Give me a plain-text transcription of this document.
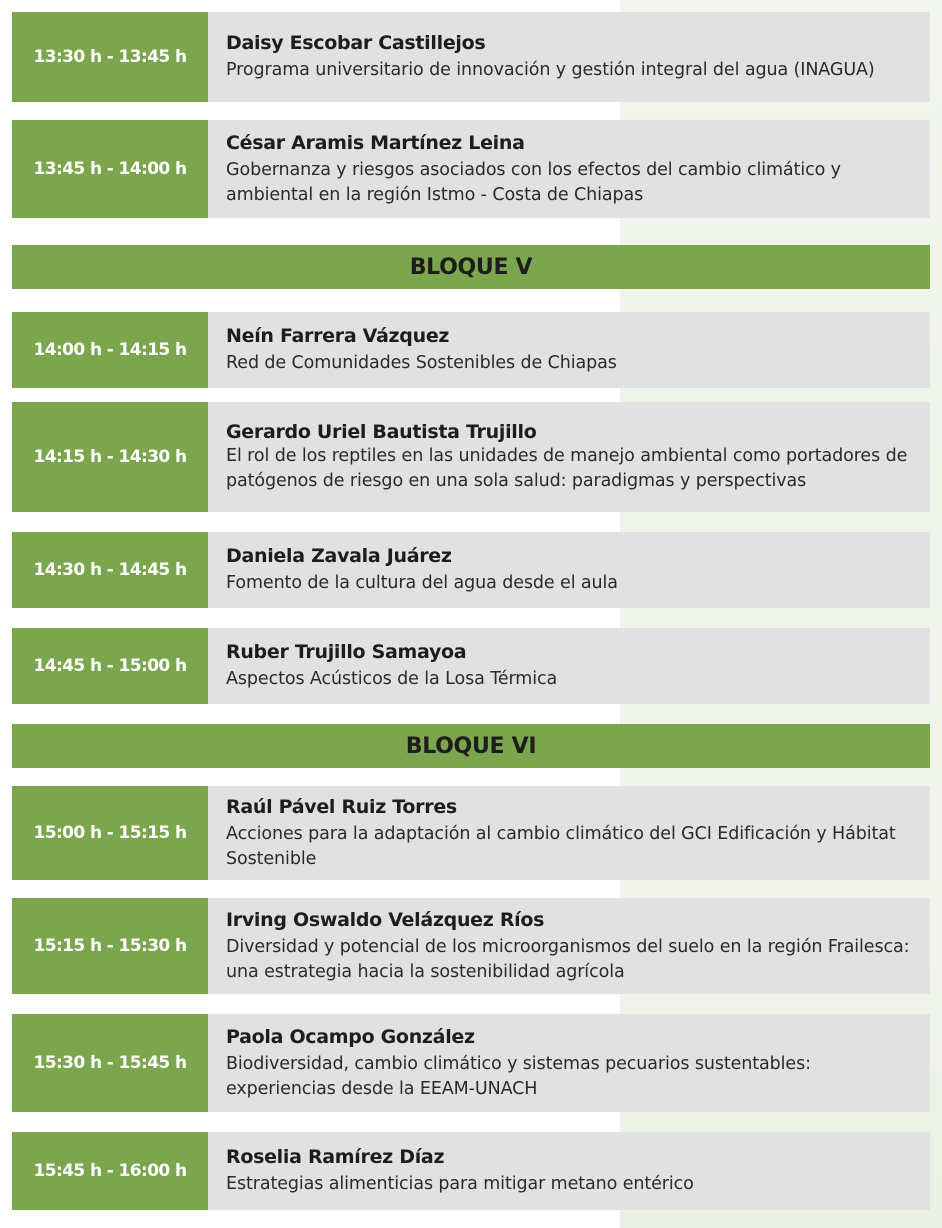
13:30 h - 13:45 h
Daisy Escobar Castillejos
Programa universitario de innovación y gestión integral del agua (INAGUA)
13:45 h - 14:00 h
César Aramis Martínez Leina
Gobernanza y riesgos asociados con los efectos del cambio climático y ambiental en la región Istmo - Costa de Chiapas
BLOQUE V
14:00 h - 14:15 h
Neín Farrera Vázquez
Red de Comunidades Sostenibles de Chiapas
14:15 h - 14:30 h
Gerardo Uriel Bautista Trujillo
El rol de los reptiles en las unidades de manejo ambiental como portadores de patógenos de riesgo en una sola salud: paradigmas y perspectivas
14:30 h - 14:45 h
Daniela Zavala Juárez
Fomento de la cultura del agua desde el aula
14:45 h - 15:00 h
Ruber Trujillo Samayoa
Aspectos Acústicos de la Losa Térmica
BLOQUE VI
15:00 h - 15:15 h
Raúl Pável Ruiz Torres
Acciones para la adaptación al cambio climático del GCI Edificación y Hábitat Sostenible
15:15 h - 15:30 h
Irving Oswaldo Velázquez Ríos
Diversidad y potencial de los microorganismos del suelo en la región Frailesca: una estrategia hacia la sostenibilidad agrícola
15:30 h - 15:45 h
Paola Ocampo González
Biodiversidad, cambio climático y sistemas pecuarios sustentables: experiencias desde la EEAM-UNACH
15:45 h - 16:00 h
Roselia Ramírez Díaz
Estrategias alimenticias para mitigar metano entérico
